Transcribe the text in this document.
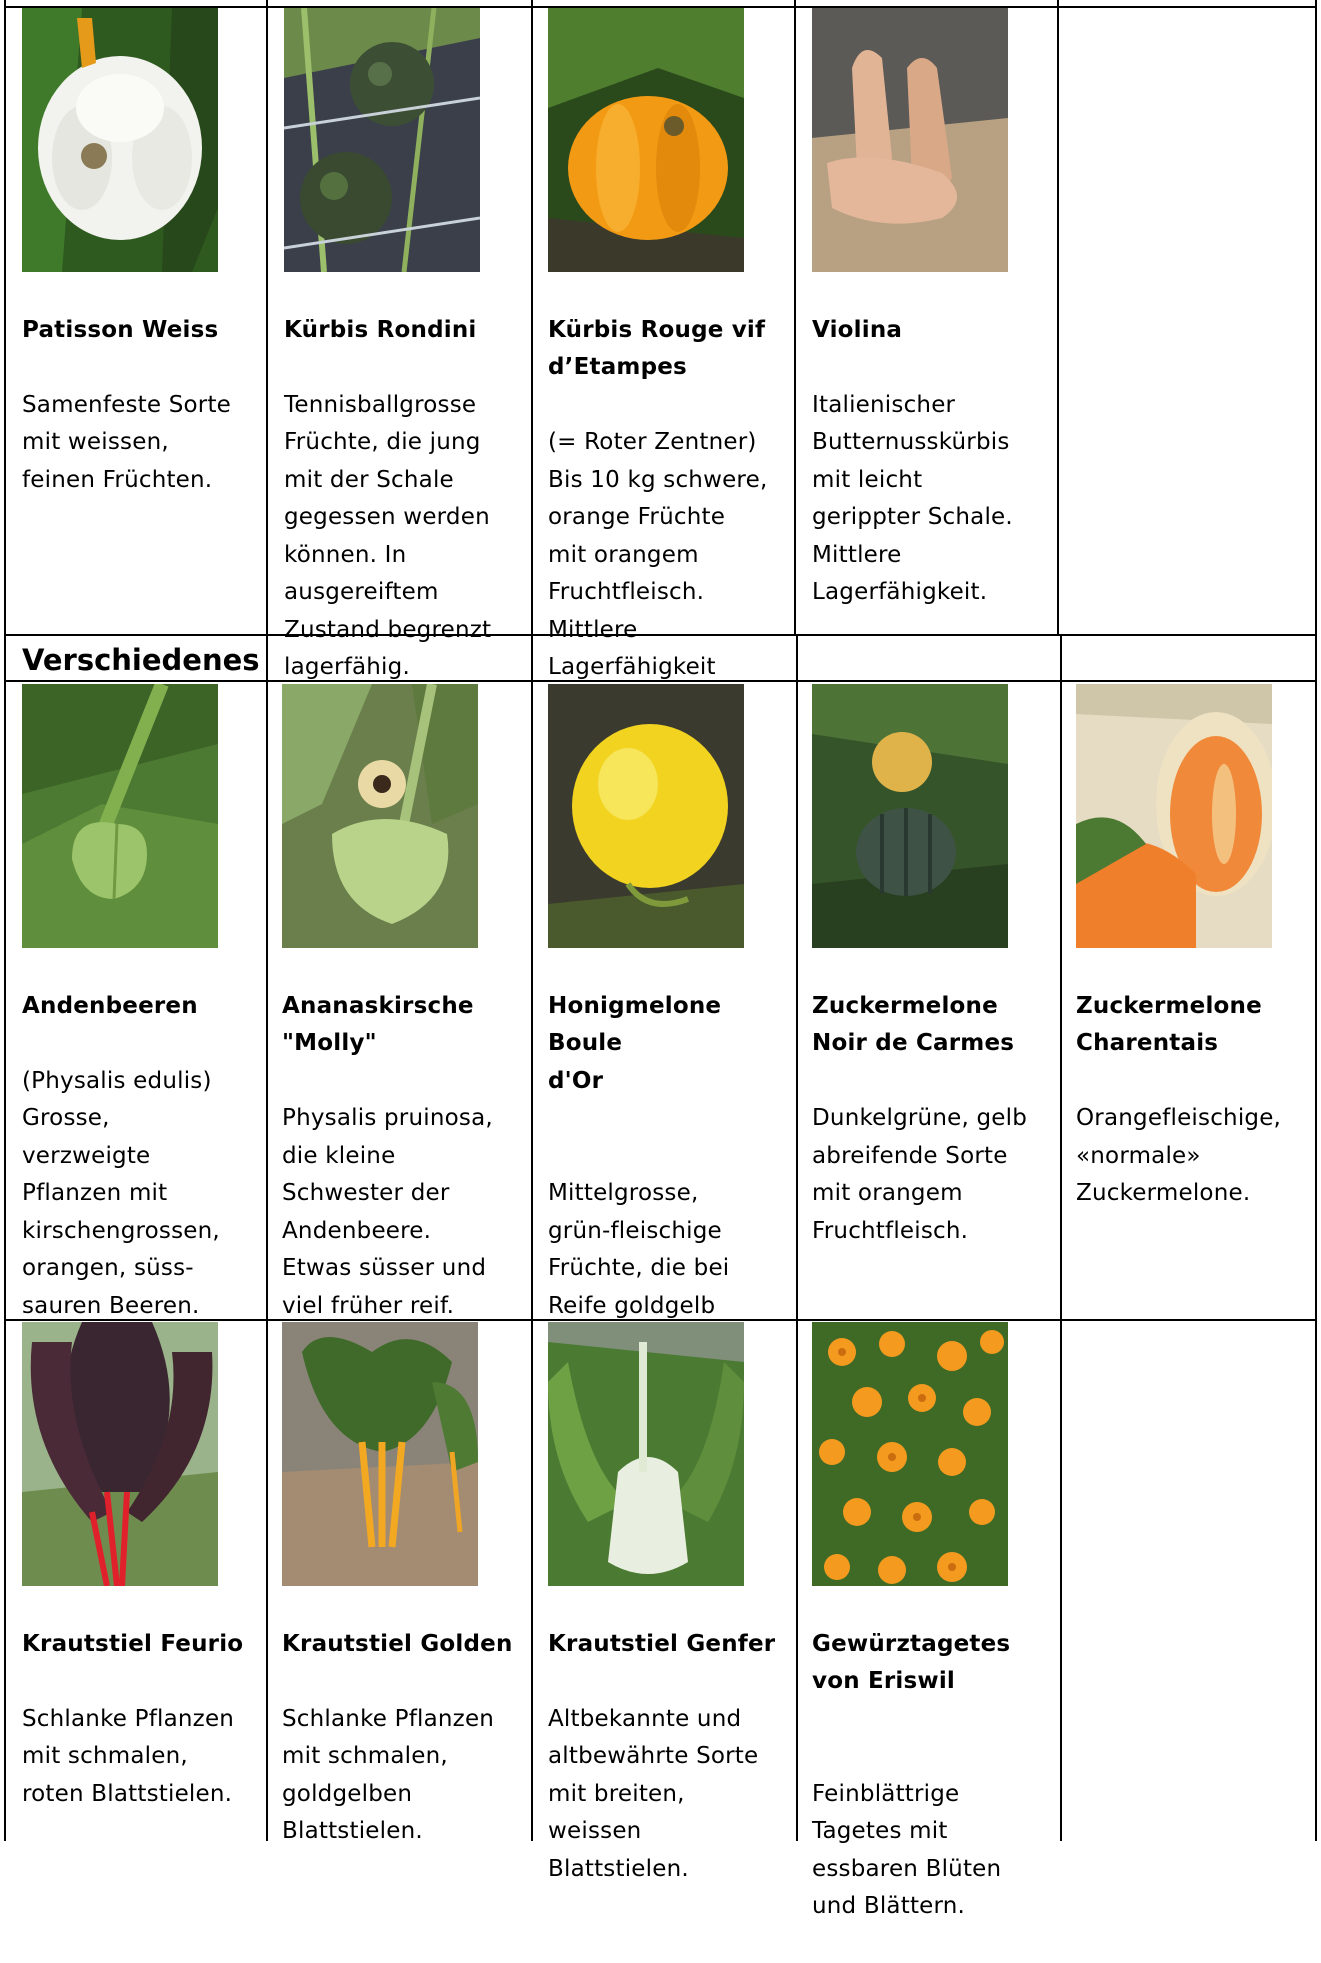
Verschiedenes

Patisson Weiss

Samenfeste Sorte
mit weissen,
feinen Früchten.

Kürbis Rondini

Tennisballgrosse
Früchte, die jung
mit der Schale
gegessen werden
können. In
ausgereiftem
Zustand begrenzt
lagerfähig.

Kürbis Rouge vif
d’Etampes

(= Roter Zentner)
Bis 10 kg schwere,
orange Früchte
mit orangem
Fruchtfleisch.
Mittlere
Lagerfähigkeit

Violina

Italienischer
Butternusskürbis
mit leicht
gerippter Schale.
Mittlere
Lagerfähigkeit.

Andenbeeren

(Physalis edulis)
Grosse,
verzweigte
Pflanzen mit
kirschengrossen,
orangen, süss-
sauren Beeren.

Ananaskirsche
"Molly"

Physalis pruinosa,
die kleine
Schwester der
Andenbeere.
Etwas süsser und
viel früher reif.

Honigmelone Boule
d'Or

Mittelgrosse,
grün-fleischige
Früchte, die bei
Reife goldgelb

Zuckermelone
Noir de Carmes

Dunkelgrüne, gelb
abreifende Sorte
mit orangem
Fruchtfleisch.

Zuckermelone
Charentais

Orangefleischige,
«normale»
Zuckermelone.

Krautstiel Feurio

Schlanke Pflanzen
mit schmalen,
roten Blattstielen.

Krautstiel Golden

Schlanke Pflanzen
mit schmalen,
goldgelben
Blattstielen.

Krautstiel Genfer

Altbekannte und
altbewährte Sorte
mit breiten,
weissen
Blattstielen.

Gewürztagetes
von Eriswil

Feinblättrige
Tagetes mit
essbaren Blüten
und Blättern.
